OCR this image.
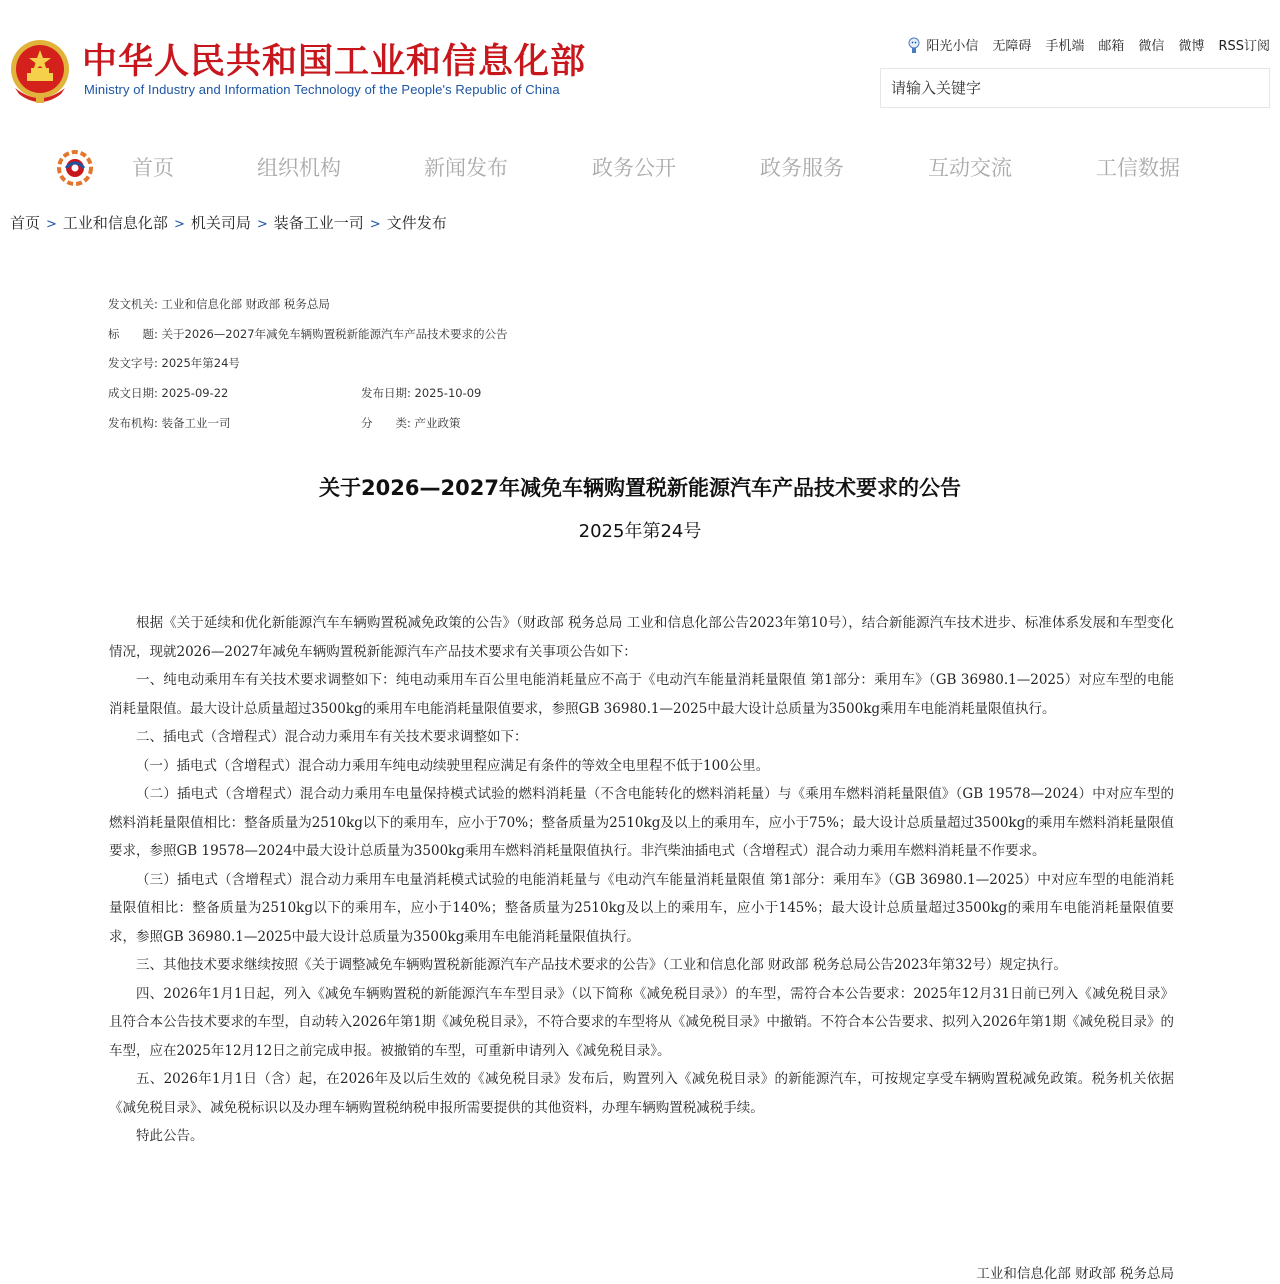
中华人民共和国工业和信息化部
Ministry of Industry and Information Technology of the People's Republic of China
阳光小信 无障碍 手机端 邮箱 微信 微博 RSS订阅
请输入关键字
首页	组织机构	新闻发布	政务公开	政务服务	互动交流	工信数据
首页 > 工业和信息化部 > 机关司局 > 装备工业一司 > 文件发布
发文机关: 工业和信息化部 财政部 税务总局
标　　题: 关于2026—2027年减免车辆购置税新能源汽车产品技术要求的公告
发文字号: 2025年第24号
成文日期: 2025-09-22	发布日期: 2025-10-09
发布机构: 装备工业一司	分　　类: 产业政策
关于2026—2027年减免车辆购置税新能源汽车产品技术要求的公告
2025年第24号

根据《关于延续和优化新能源汽车车辆购置税减免政策的公告》（财政部 税务总局 工业和信息化部公告2023年第10号），结合新能源汽车技术进步、标准体系发展和车型变化情况，现就2026—2027年减免车辆购置税新能源汽车产品技术要求有关事项公告如下：

一、纯电动乘用车有关技术要求调整如下：纯电动乘用车百公里电能消耗量应不高于《电动汽车能量消耗量限值 第1部分：乘用车》（GB 36980.1—2025）对应车型的电能消耗量限值。最大设计总质量超过3500kg的乘用车电能消耗量限值要求，参照GB 36980.1—2025中最大设计总质量为3500kg乘用车电能消耗量限值执行。

二、插电式（含增程式）混合动力乘用车有关技术要求调整如下：

（一）插电式（含增程式）混合动力乘用车纯电动续驶里程应满足有条件的等效全电里程不低于100公里。

（二）插电式（含增程式）混合动力乘用车电量保持模式试验的燃料消耗量（不含电能转化的燃料消耗量）与《乘用车燃料消耗量限值》（GB 19578—2024）中对应车型的燃料消耗量限值相比：整备质量为2510kg以下的乘用车，应小于70%；整备质量为2510kg及以上的乘用车，应小于75%；最大设计总质量超过3500kg的乘用车燃料消耗量限值要求，参照GB 19578—2024中最大设计总质量为3500kg乘用车燃料消耗量限值执行。非汽柴油插电式（含增程式）混合动力乘用车燃料消耗量不作要求。

（三）插电式（含增程式）混合动力乘用车电量消耗模式试验的电能消耗量与《电动汽车能量消耗量限值 第1部分：乘用车》（GB 36980.1—2025）中对应车型的电能消耗量限值相比：整备质量为2510kg以下的乘用车，应小于140%；整备质量为2510kg及以上的乘用车，应小于145%；最大设计总质量超过3500kg的乘用车电能消耗量限值要求，参照GB 36980.1—2025中最大设计总质量为3500kg乘用车电能消耗量限值执行。

三、其他技术要求继续按照《关于调整减免车辆购置税新能源汽车产品技术要求的公告》（工业和信息化部 财政部 税务总局公告2023年第32号）规定执行。

四、2026年1月1日起，列入《减免车辆购置税的新能源汽车车型目录》（以下简称《减免税目录》）的车型，需符合本公告要求：2025年12月31日前已列入《减免税目录》且符合本公告技术要求的车型，自动转入2026年第1期《减免税目录》，不符合要求的车型将从《减免税目录》中撤销。不符合本公告要求、拟列入2026年第1期《减免税目录》的车型，应在2025年12月12日之前完成申报。被撤销的车型，可重新申请列入《减免税目录》。

五、2026年1月1日（含）起，在2026年及以后生效的《减免税目录》发布后，购置列入《减免税目录》的新能源汽车，可按规定享受车辆购置税减免政策。税务机关依据《减免税目录》、减免税标识以及办理车辆购置税纳税申报所需要提供的其他资料，办理车辆购置税减税手续。

特此公告。

工业和信息化部 财政部 税务总局
